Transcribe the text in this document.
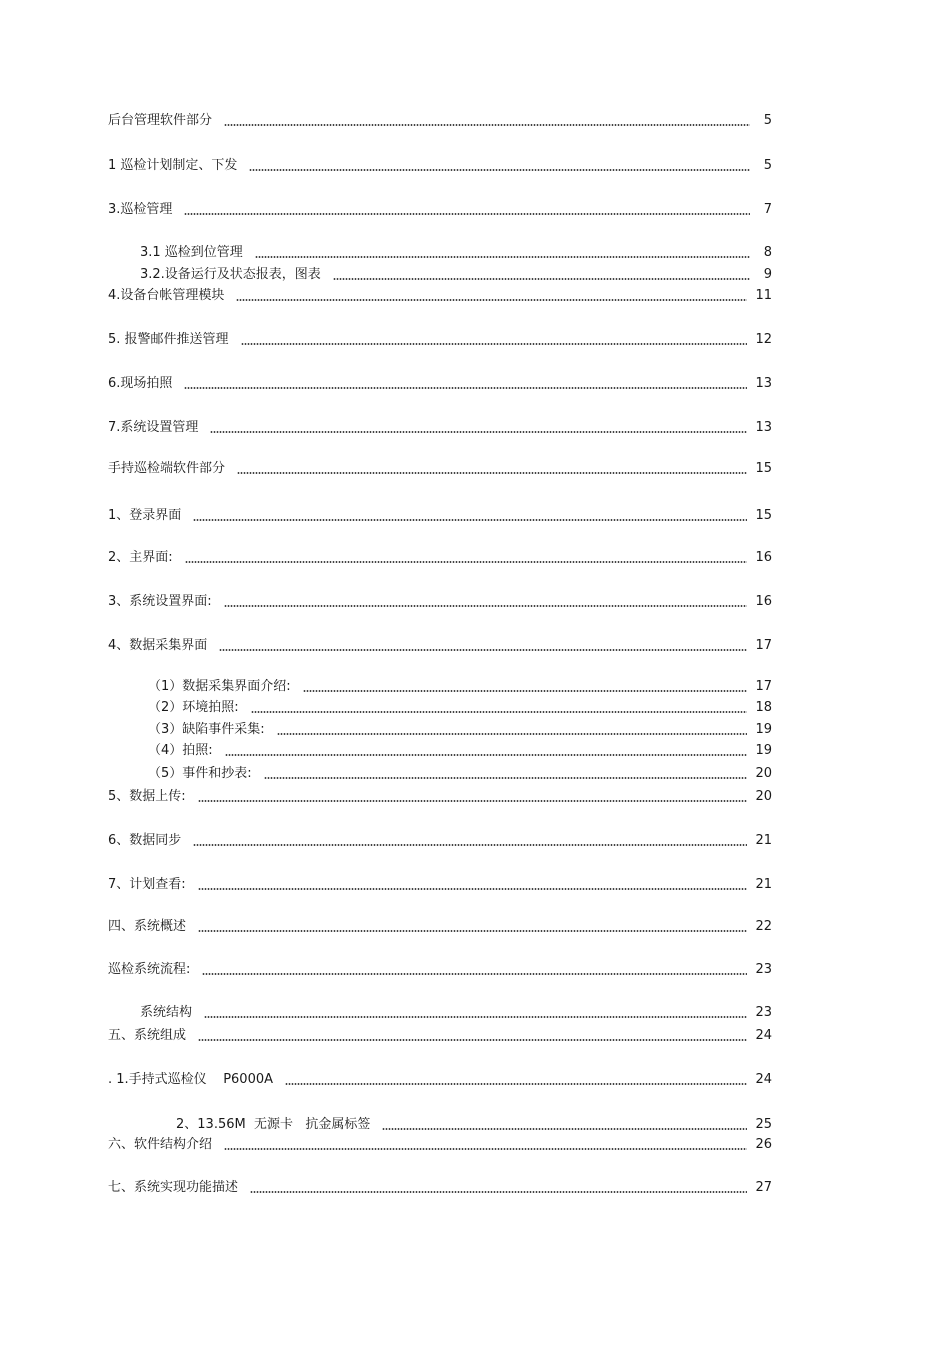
后台管理软件部分	5
1 巡检计划制定、下发	5
3.巡检管理	7
3.1 巡检到位管理	8
3.2.设备运行及状态报表，图表	9
4.设备台帐管理模块	11
5. 报警邮件推送管理	12
6.现场拍照	13
7.系统设置管理	13
手持巡检端软件部分	15
1、登录界面	15
2、主界面:	16
3、系统设置界面:	16
4、数据采集界面	17
（1）数据采集界面介绍:	17
（2）环境拍照:	18
（3）缺陷事件采集:	19
（4）拍照:	19
（5）事件和抄表:	20
5、数据上传:	20
6、数据同步	21
7、计划查看:	21
四、系统概述	22
巡检系统流程:	23
系统结构	23
五、系统组成	24
. 1.手持式巡检仪    P6000A	24
2、13.56M  无源卡   抗金属标签	25
六、软件结构介绍	26
七、系统实现功能描述	27
